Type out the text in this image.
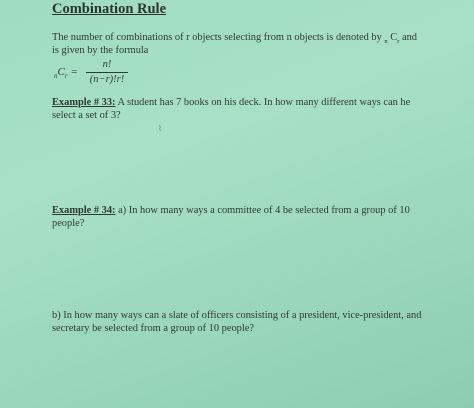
Combination Rule
The number of combinations of r objects selecting from n objects is denoted by $_n$ $C_r$ and
is given by the formula
$_nC_r$ =
n!
(n−r)!r!
Example # 33: A student has 7 books on his deck. In how many different ways can he
select a set of 3?
⌇
Example # 34: a) In how many ways a committee of 4 be selected from a group of 10
people?
b) In how many ways can a slate of officers consisting of a president, vice-president, and
secretary be selected from a group of 10 people?
